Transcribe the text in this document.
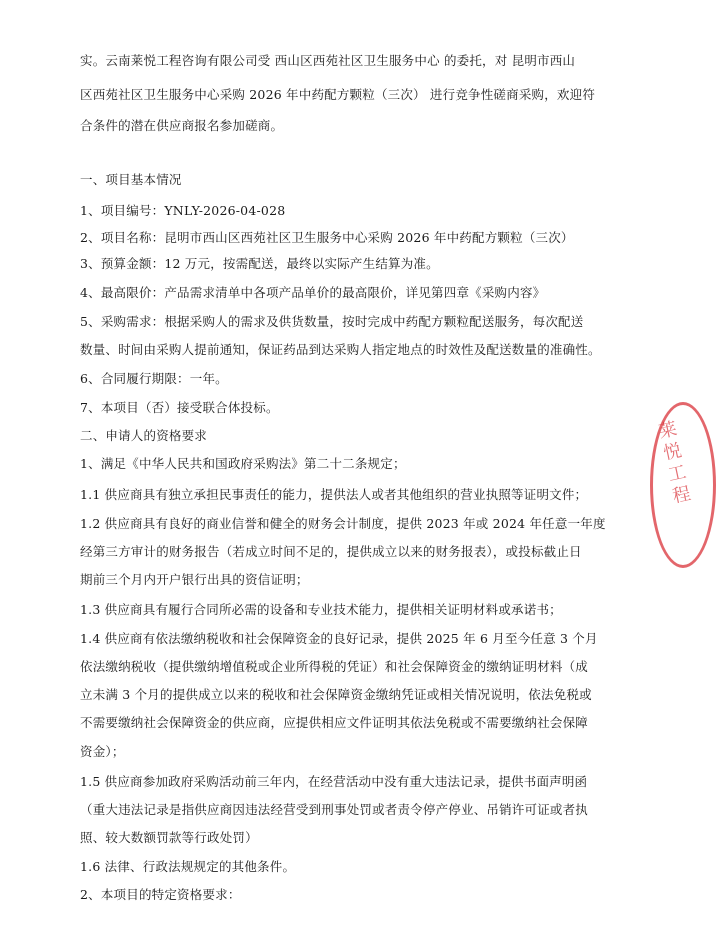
实。云南莱悦工程咨询有限公司受 西山区西苑社区卫生服务中心 的委托，对 昆明市西山
区西苑社区卫生服务中心采购 2026 年中药配方颗粒（三次） 进行竞争性磋商采购，欢迎符
合条件的潜在供应商报名参加磋商。
一、项目基本情况
1、项目编号：YNLY-2026-04-028
2、项目名称：昆明市西山区西苑社区卫生服务中心采购 2026 年中药配方颗粒（三次）
3、预算金额：12 万元，按需配送，最终以实际产生结算为准。
4、最高限价：产品需求清单中各项产品单价的最高限价，详见第四章《采购内容》
5、采购需求：根据采购人的需求及供货数量，按时完成中药配方颗粒配送服务，每次配送
数量、时间由采购人提前通知，保证药品到达采购人指定地点的时效性及配送数量的准确性。
6、合同履行期限：一年。
7、本项目（否）接受联合体投标。
二、申请人的资格要求
1、满足《中华人民共和国政府采购法》第二十二条规定；
1.1 供应商具有独立承担民事责任的能力，提供法人或者其他组织的营业执照等证明文件；
1.2 供应商具有良好的商业信誉和健全的财务会计制度，提供 2023 年或 2024 年任意一年度
经第三方审计的财务报告（若成立时间不足的，提供成立以来的财务报表），或投标截止日
期前三个月内开户银行出具的资信证明；
1.3 供应商具有履行合同所必需的设备和专业技术能力，提供相关证明材料或承诺书；
1.4 供应商有依法缴纳税收和社会保障资金的良好记录，提供 2025 年 6 月至今任意 3 个月
依法缴纳税收（提供缴纳增值税或企业所得税的凭证）和社会保障资金的缴纳证明材料（成
立未满 3 个月的提供成立以来的税收和社会保障资金缴纳凭证或相关情况说明，依法免税或
不需要缴纳社会保障资金的供应商，应提供相应文件证明其依法免税或不需要缴纳社会保障
资金）；
1.5 供应商参加政府采购活动前三年内，在经营活动中没有重大违法记录，提供书面声明函
（重大违法记录是指供应商因违法经营受到刑事处罚或者责令停产停业、吊销许可证或者执
照、较大数额罚款等行政处罚）
1.6 法律、行政法规规定的其他条件。
2、本项目的特定资格要求：
莱悦工程
